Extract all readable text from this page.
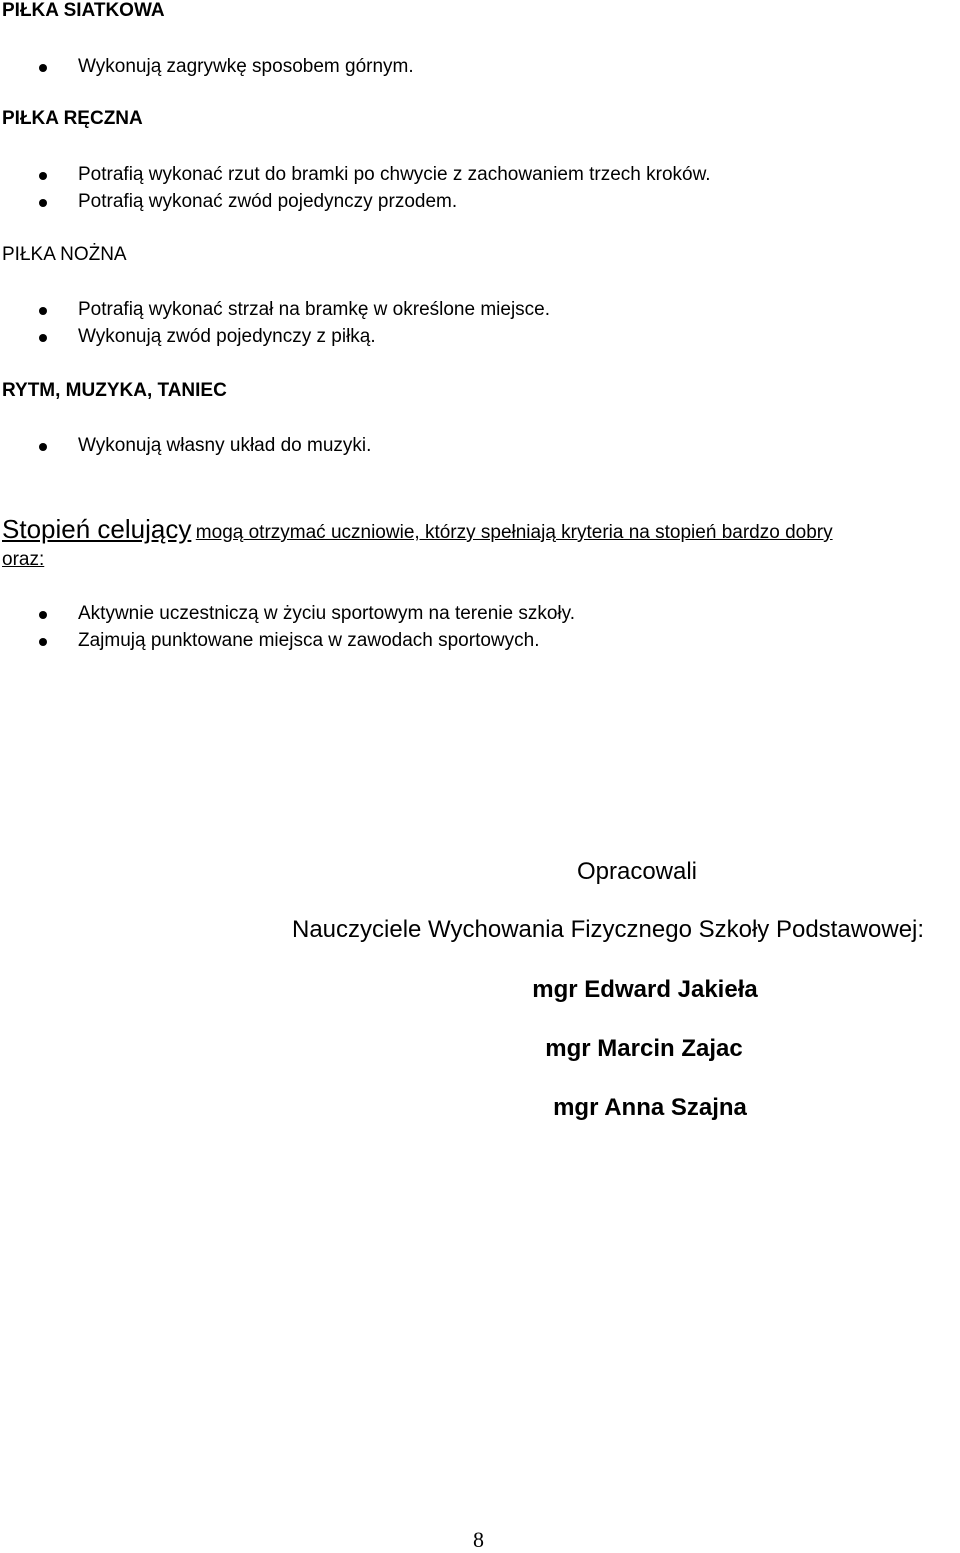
PIŁKA SIATKOWA
Wykonują zagrywkę sposobem górnym.
PIŁKA RĘCZNA
Potrafią wykonać rzut do bramki po chwycie z zachowaniem trzech kroków.
Potrafią wykonać zwód pojedynczy przodem.
PIŁKA NOŻNA
Potrafią wykonać strzał na bramkę w określone miejsce.
Wykonują zwód pojedynczy z piłką.
RYTM, MUZYKA, TANIEC
Wykonują własny układ do muzyki.
Stopień celujący mogą otrzymać uczniowie, którzy spełniają kryteria na stopień bardzo dobry
oraz:
Aktywnie uczestniczą w życiu sportowym na terenie szkoły.
Zajmują punktowane miejsca w zawodach sportowych.
Opracowali
Nauczyciele Wychowania Fizycznego Szkoły Podstawowej:
mgr Edward Jakieła
mgr Marcin Zajac
mgr Anna Szajna
8
